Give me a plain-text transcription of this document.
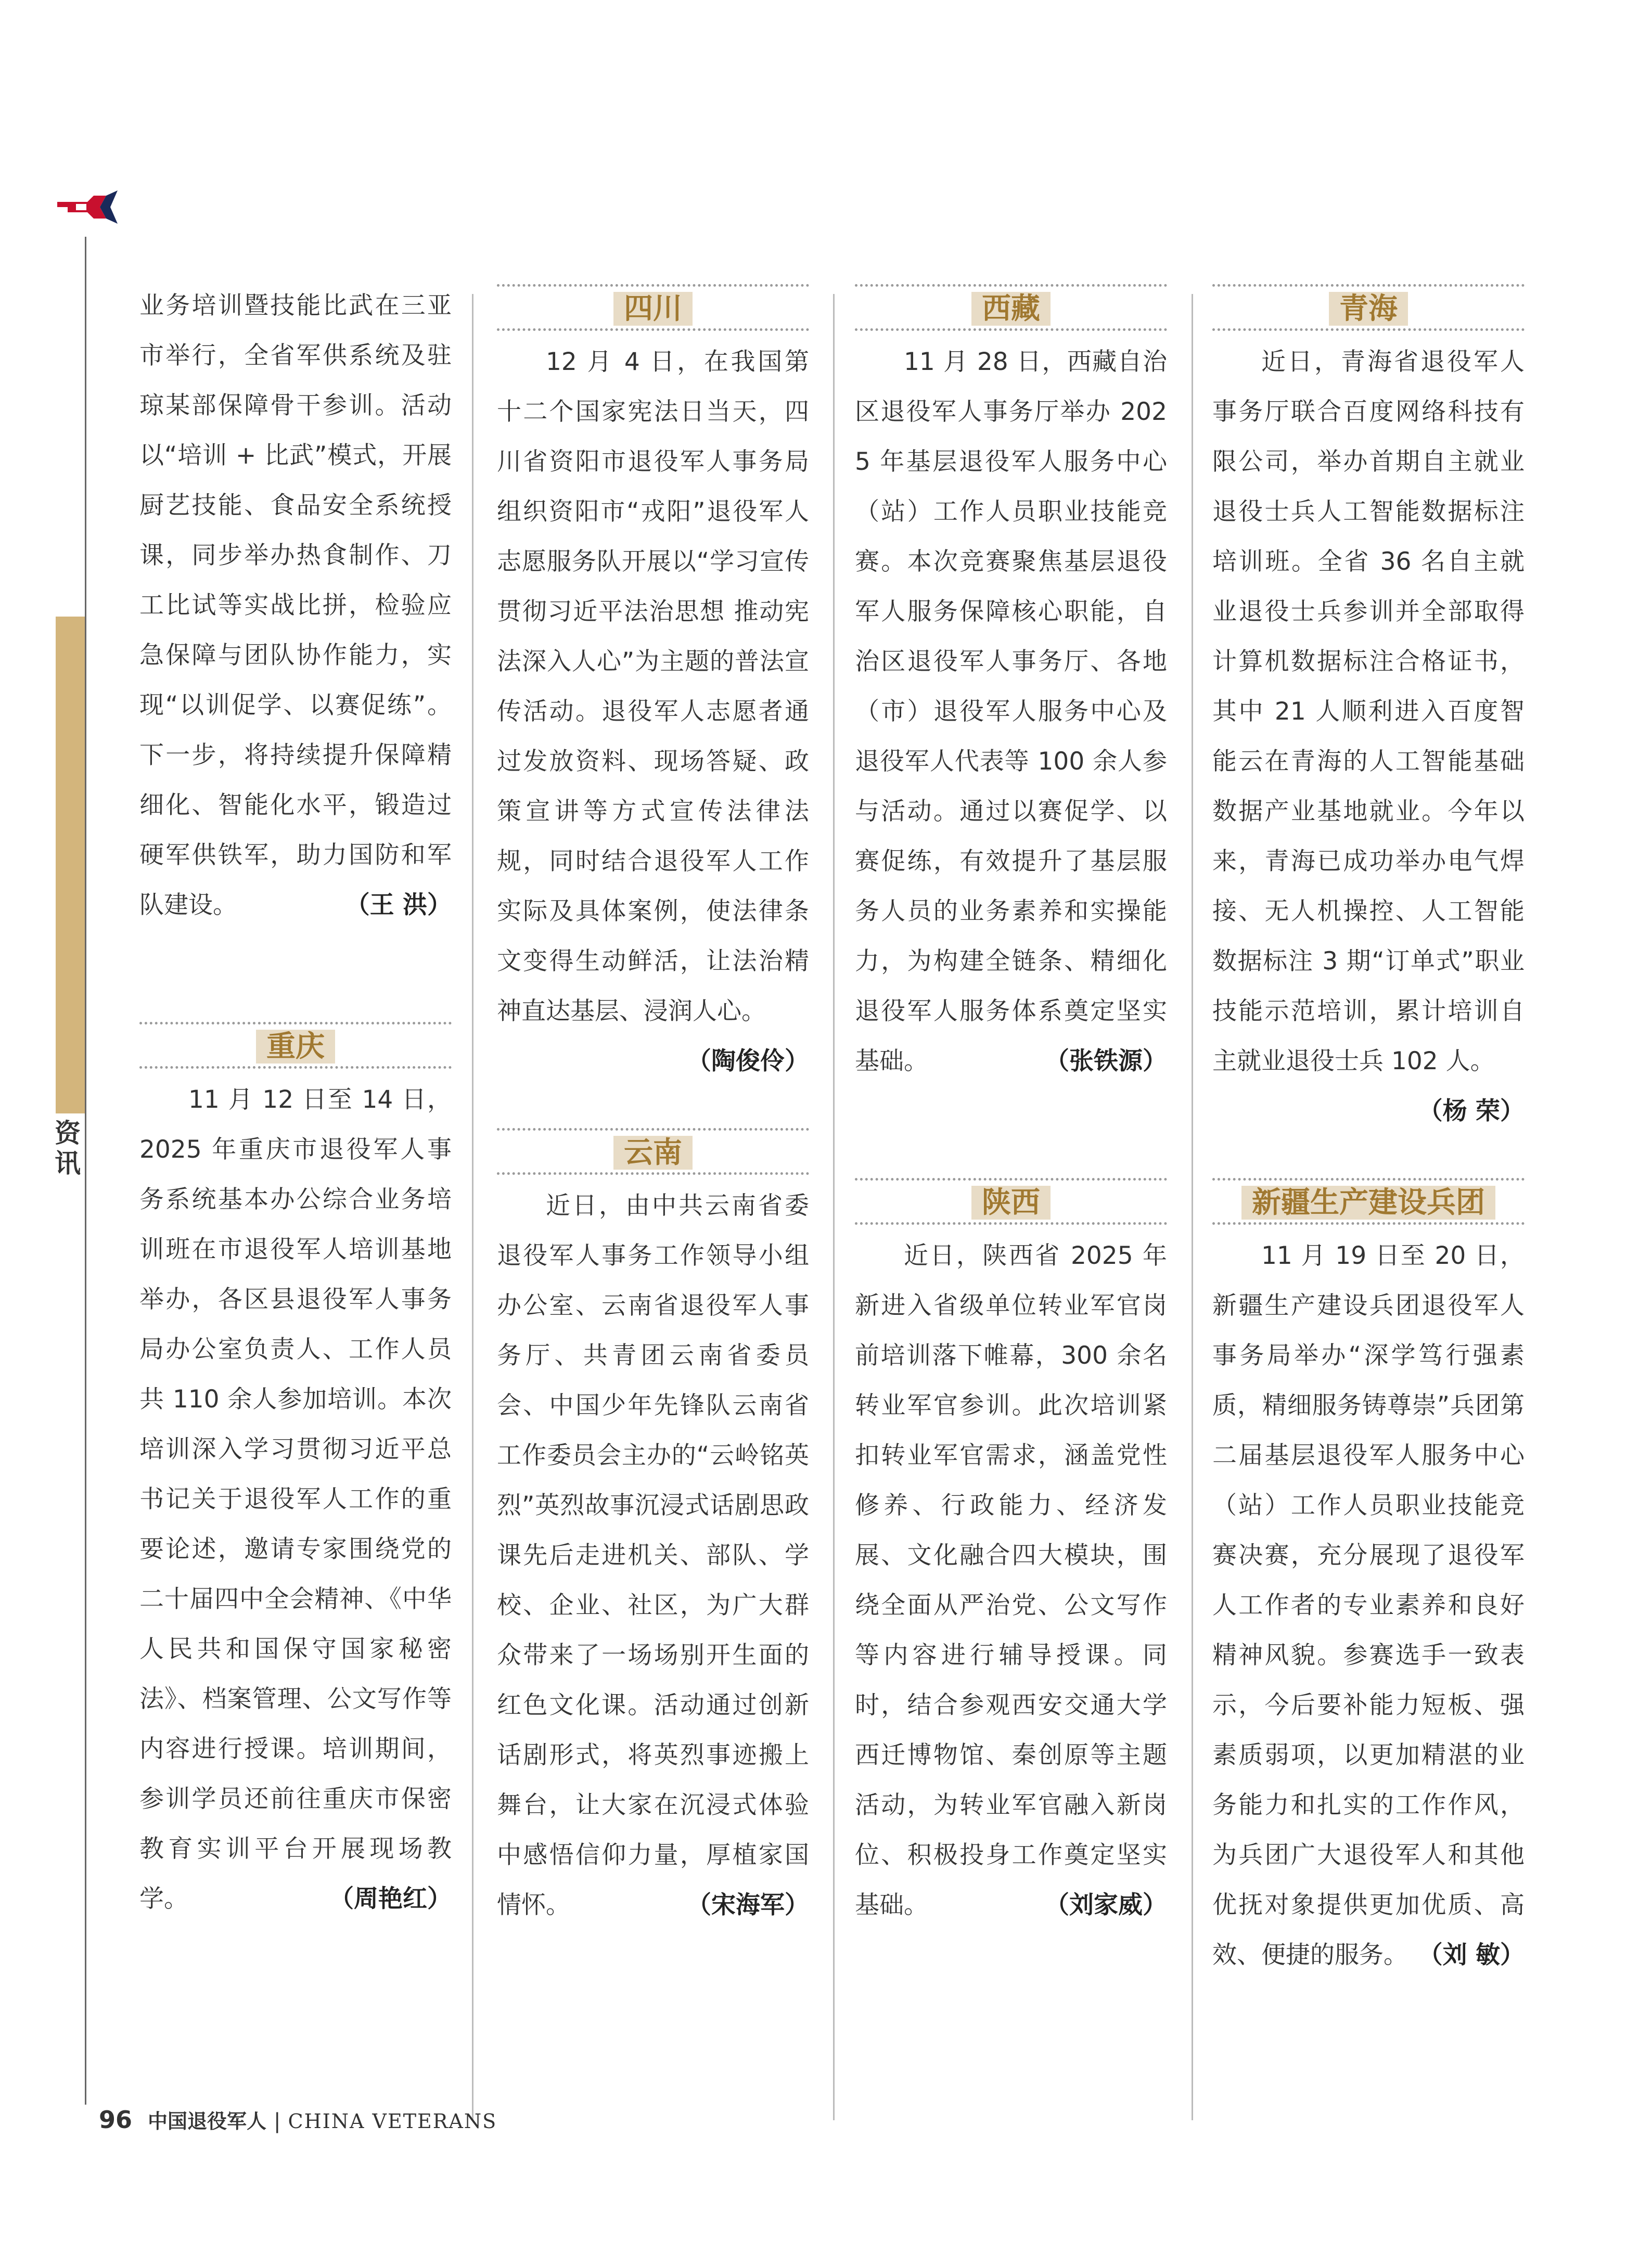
资
讯

业务培训暨技能比武在三亚市举行，全省军供系统及驻琼某部保障骨干参训。活动以“培训 + 比武”模式，开展厨艺技能、食品安全系统授课，同步举办热食制作、刀工比试等实战比拼，检验应急保障与团队协作能力，实现“以训促学、以赛促练”。下一步，将持续提升保障精细化、智能化水平，锻造过硬军供铁军，助力国防和军队建设。	（王 洪）

重庆

11 月 12 日至 14 日，2025 年重庆市退役军人事务系统基本办公综合业务培训班在市退役军人培训基地举办，各区县退役军人事务局办公室负责人、工作人员共 110 余人参加培训。本次培训深入学习贯彻习近平总书记关于退役军人工作的重要论述，邀请专家围绕党的二十届四中全会精神、《中华人民共和国保守国家秘密法》、档案管理、公文写作等内容进行授课。培训期间，参训学员还前往重庆市保密教育实训平台开展现场教学。	（周艳红）

四川

12 月 4 日，在我国第十二个国家宪法日当天，四川省资阳市退役军人事务局组织资阳市“戎阳”退役军人志愿服务队开展以“学习宣传贯彻习近平法治思想 推动宪法深入人心”为主题的普法宣传活动。退役军人志愿者通过发放资料、现场答疑、政策宣讲等方式宣传法律法规，同时结合退役军人工作实际及具体案例，使法律条文变得生动鲜活，让法治精神直达基层、浸润人心。
（陶俊伶）

云南

近日，由中共云南省委退役军人事务工作领导小组办公室、云南省退役军人事务厅、共青团云南省委员会、中国少年先锋队云南省工作委员会主办的“云岭铭英烈”英烈故事沉浸式话剧思政课先后走进机关、部队、学校、企业、社区，为广大群众带来了一场场别开生面的红色文化课。活动通过创新话剧形式，将英烈事迹搬上舞台，让大家在沉浸式体验中感悟信仰力量，厚植家国情怀。	（宋海军）

西藏

11 月 28 日，西藏自治区退役军人事务厅举办 2025 年基层退役军人服务中心（站）工作人员职业技能竞赛。本次竞赛聚焦基层退役军人服务保障核心职能，自治区退役军人事务厅、各地（市）退役军人服务中心及退役军人代表等 100 余人参与活动。通过以赛促学、以赛促练，有效提升了基层服务人员的业务素养和实操能力，为构建全链条、精细化退役军人服务体系奠定坚实基础。	（张铁源）

陕西

近日，陕西省 2025 年新进入省级单位转业军官岗前培训落下帷幕，300 余名转业军官参训。此次培训紧扣转业军官需求，涵盖党性修养、行政能力、经济发展、文化融合四大模块，围绕全面从严治党、公文写作等内容进行辅导授课。同时，结合参观西安交通大学西迁博物馆、秦创原等主题活动，为转业军官融入新岗位、积极投身工作奠定坚实基础。	（刘家威）

青海

近日，青海省退役军人事务厅联合百度网络科技有限公司，举办首期自主就业退役士兵人工智能数据标注培训班。全省 36 名自主就业退役士兵参训并全部取得计算机数据标注合格证书，其中 21 人顺利进入百度智能云在青海的人工智能基础数据产业基地就业。今年以来，青海已成功举办电气焊接、无人机操控、人工智能数据标注 3 期“订单式”职业技能示范培训，累计培训自主就业退役士兵 102 人。
（杨 荣）

新疆生产建设兵团

11 月 19 日至 20 日，新疆生产建设兵团退役军人事务局举办“深学笃行强素质，精细服务铸尊崇”兵团第二届基层退役军人服务中心（站）工作人员职业技能竞赛决赛，充分展现了退役军人工作者的专业素养和良好精神风貌。参赛选手一致表示，今后要补能力短板、强素质弱项，以更加精湛的业务能力和扎实的工作作风，为兵团广大退役军人和其他优抚对象提供更加优质、高效、便捷的服务。 （刘 敏）

96 中国退役军人 | CHINA VETERANS
